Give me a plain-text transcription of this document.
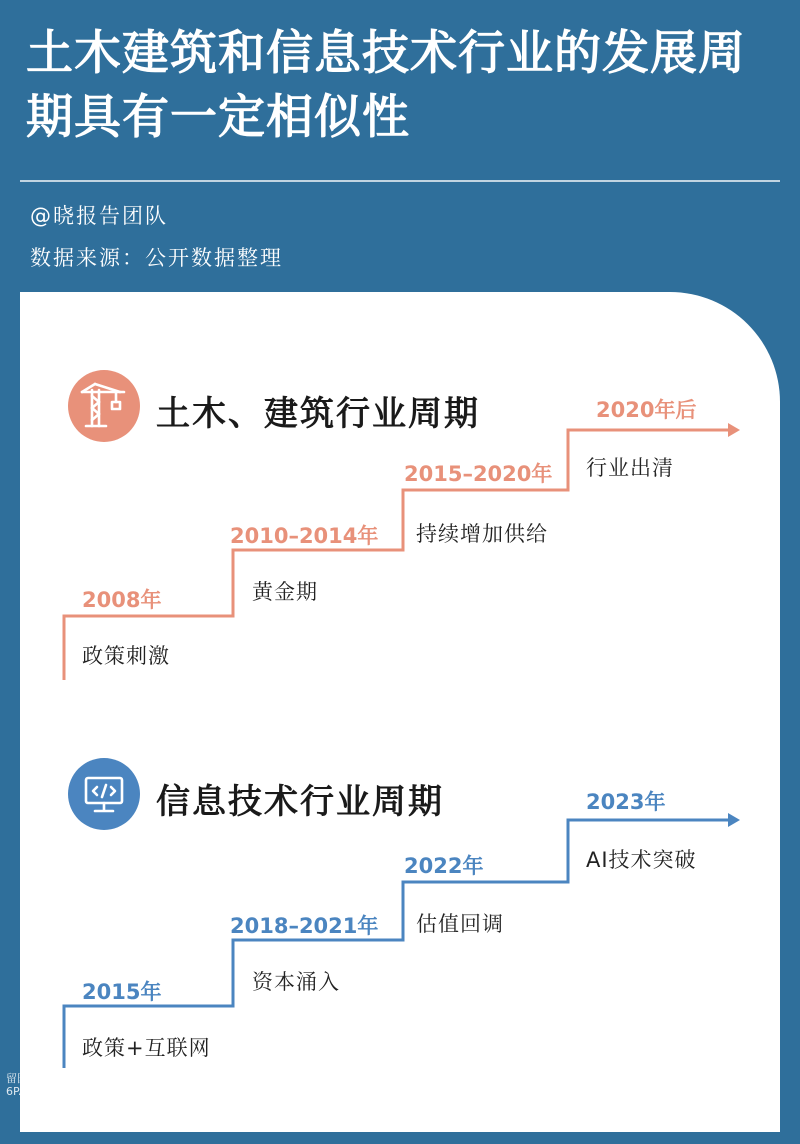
土木建筑和信息技术行业的发展周期具有一定相似性
@晓报告团队
数据来源：公开数据整理
土木、建筑行业周期
信息技术行业周期
2008年
政策刺激
2010–2014年
黄金期
2015–2020年
持续增加供给
2020年后
行业出清
2015年
政策+互联网
2018–2021年
资本涌入
2022年
估值回调
2023年
AI技术突破
留园社区
6PARK.com
